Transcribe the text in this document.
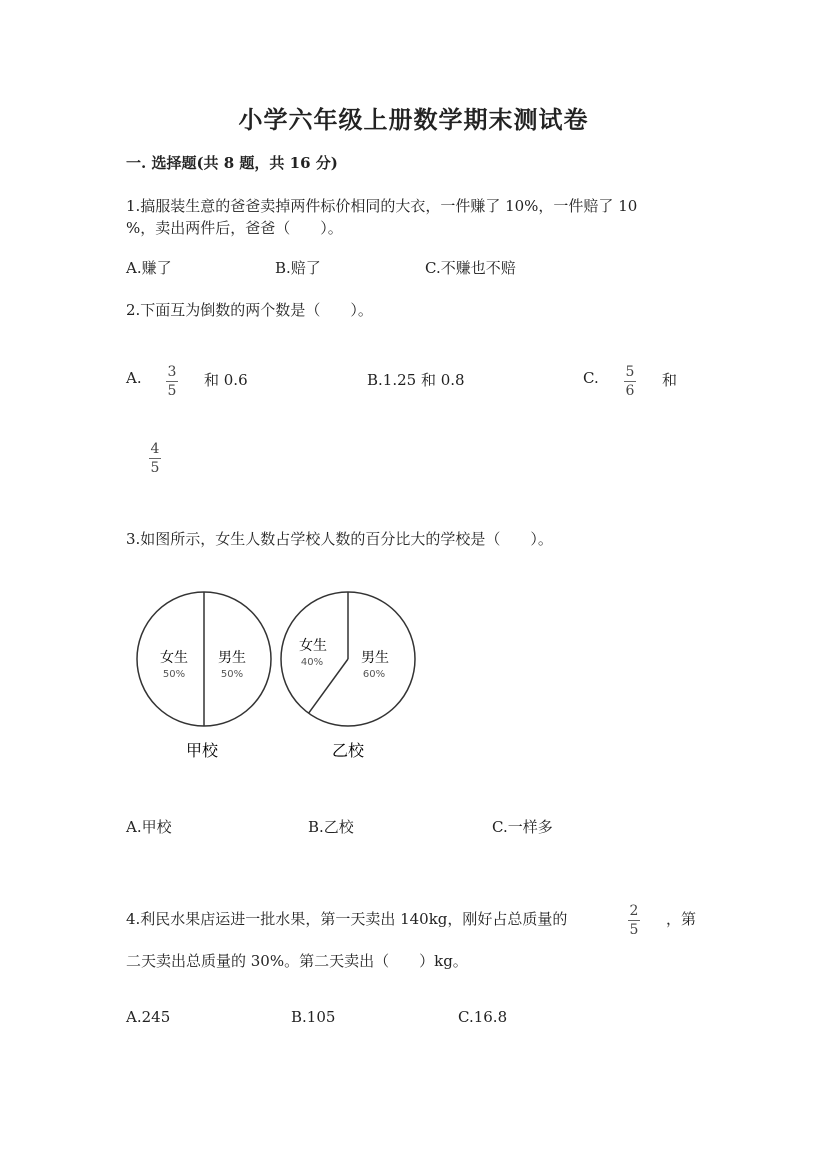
小学六年级上册数学期末测试卷
一. 选择题(共 8 题，共 16 分)
1.搞服装生意的爸爸卖掉两件标价相同的大衣，一件赚了 10%，一件赔了 10
%，卖出两件后，爸爸（　　）。
A.赚了	B.赔了	C.不赚也不赔
2.下面互为倒数的两个数是（　　）。
A. 3
5
和 0.6	B.1.25 和 0.8	C. 5
6
和
4
5
3.如图所示，女生人数占学校人数的百分比大的学校是（　　）。
女生
50%
男生
50%
甲校
女生
40%	男生
60%
乙校
A.甲校	B.乙校	C.一样多
4.利民水果店运进一批水果，第一天卖出 140kg，刚好占总质量的	2
5
，第
二天卖出总质量的 30%。第二天卖出（　　）kg。
A.245	B.105	C.16.8
